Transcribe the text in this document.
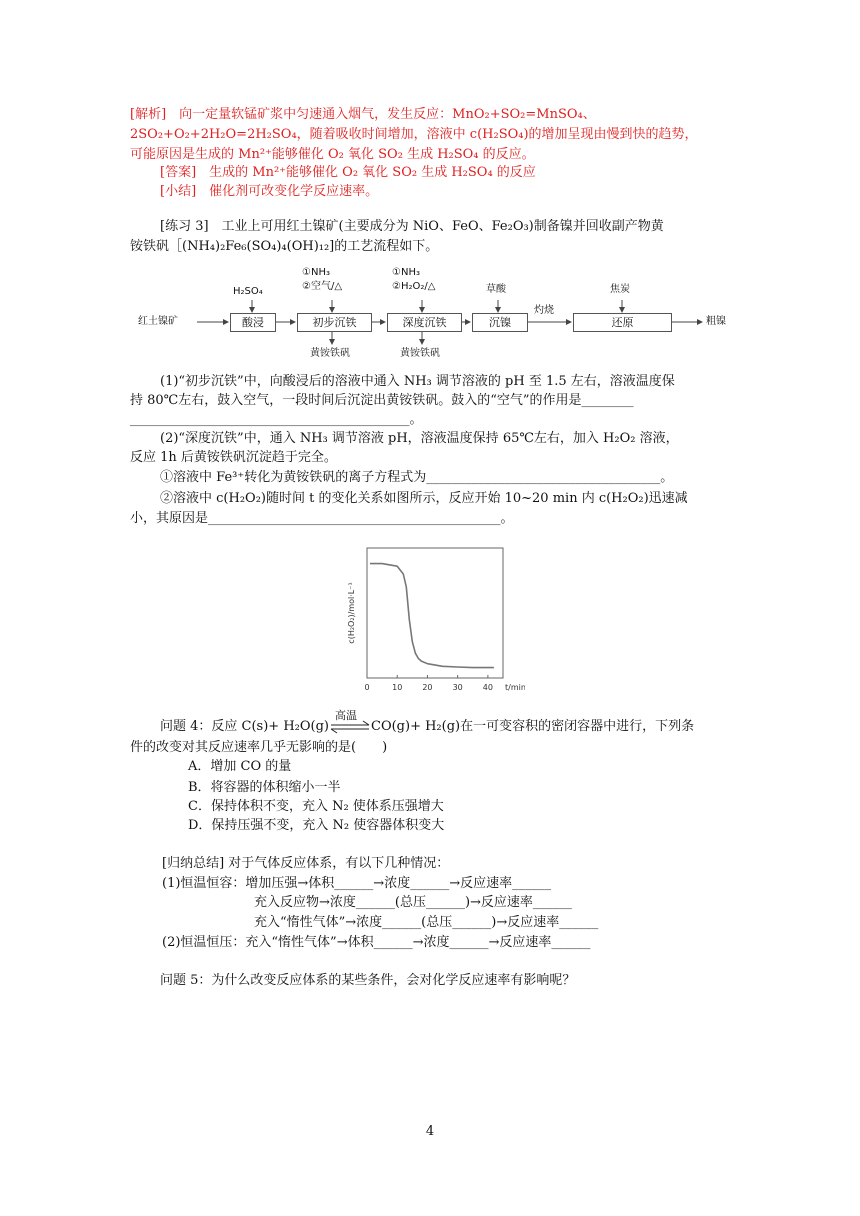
[解析]　向一定量软锰矿浆中匀速通入烟气，发生反应：MnO₂+SO₂=MnSO₄、
2SO₂+O₂+2H₂O=2H₂SO₄，随着吸收时间增加，溶液中 c(H₂SO₄)的增加呈现由慢到快的趋势，
可能原因是生成的 Mn²⁺能够催化 O₂ 氧化 SO₂ 生成 H₂SO₄ 的反应。
[答案]　生成的 Mn²⁺能够催化 O₂ 氧化 SO₂ 生成 H₂SO₄ 的反应
[小结]　催化剂可改变化学反应速率。
[练习 3]　工业上可用红土镍矿(主要成分为 NiO、FeO、Fe₂O₃)制备镍并回收副产物黄
铵铁矾［(NH₄)₂Fe₆(SO₄)₄(OH)₁₂]的工艺流程如下。
红土镍矿	酸浸	初步沉铁	深度沉铁	沉镍	还原	粗镍
H₂SO₄
①NH₃
②空气/△
①NH₃
②H₂O₂/△	草酸	焦炭
灼烧
黄铵铁矾	黄铵铁矾
(1)“初步沉铁”中，向酸浸后的溶液中通入 NH₃ 调节溶液的 pH 至 1.5 左右，溶液温度保
持 80℃左右，鼓入空气，一段时间后沉淀出黄铵铁矾。鼓入的“空气”的作用是________
___________________________________________。
(2)“深度沉铁”中，通入 NH₃ 调节溶液 pH，溶液温度保持 65℃左右，加入 H₂O₂ 溶液，
反应 1h 后黄铵铁矾沉淀趋于完全。
①溶液中 Fe³⁺转化为黄铵铁矾的离子方程式为____________________________________。
②溶液中 c(H₂O₂)随时间 t 的变化关系如图所示，反应开始 10~20 min 内 c(H₂O₂)迅速减
小，其原因是_____________________________________________。
0	10	20	30	40 t/min
c(H₂O₂)/mol·L⁻¹
问题 4：反应 C(s)+ H₂O(g)
高温
CO(g)+ H₂(g)在一可变容积的密闭容器中进行，下列条
件的改变对其反应速率几乎无影响的是(　　)
A．增加 CO 的量
B．将容器的体积缩小一半
C．保持体积不变，充入 N₂ 使体系压强增大
D．保持压强不变，充入 N₂ 使容器体积变大
[归纳总结] 对于气体反应体系，有以下几种情况：
(1)恒温恒容：增加压强→体积______→浓度______→反应速率______
充入反应物→浓度______(总压______)→反应速率______
充入“惰性气体”→浓度______(总压______)→反应速率______
(2)恒温恒压：充入“惰性气体”→体积______→浓度______→反应速率______
问题 5：为什么改变反应体系的某些条件，会对化学反应速率有影响呢？
4
